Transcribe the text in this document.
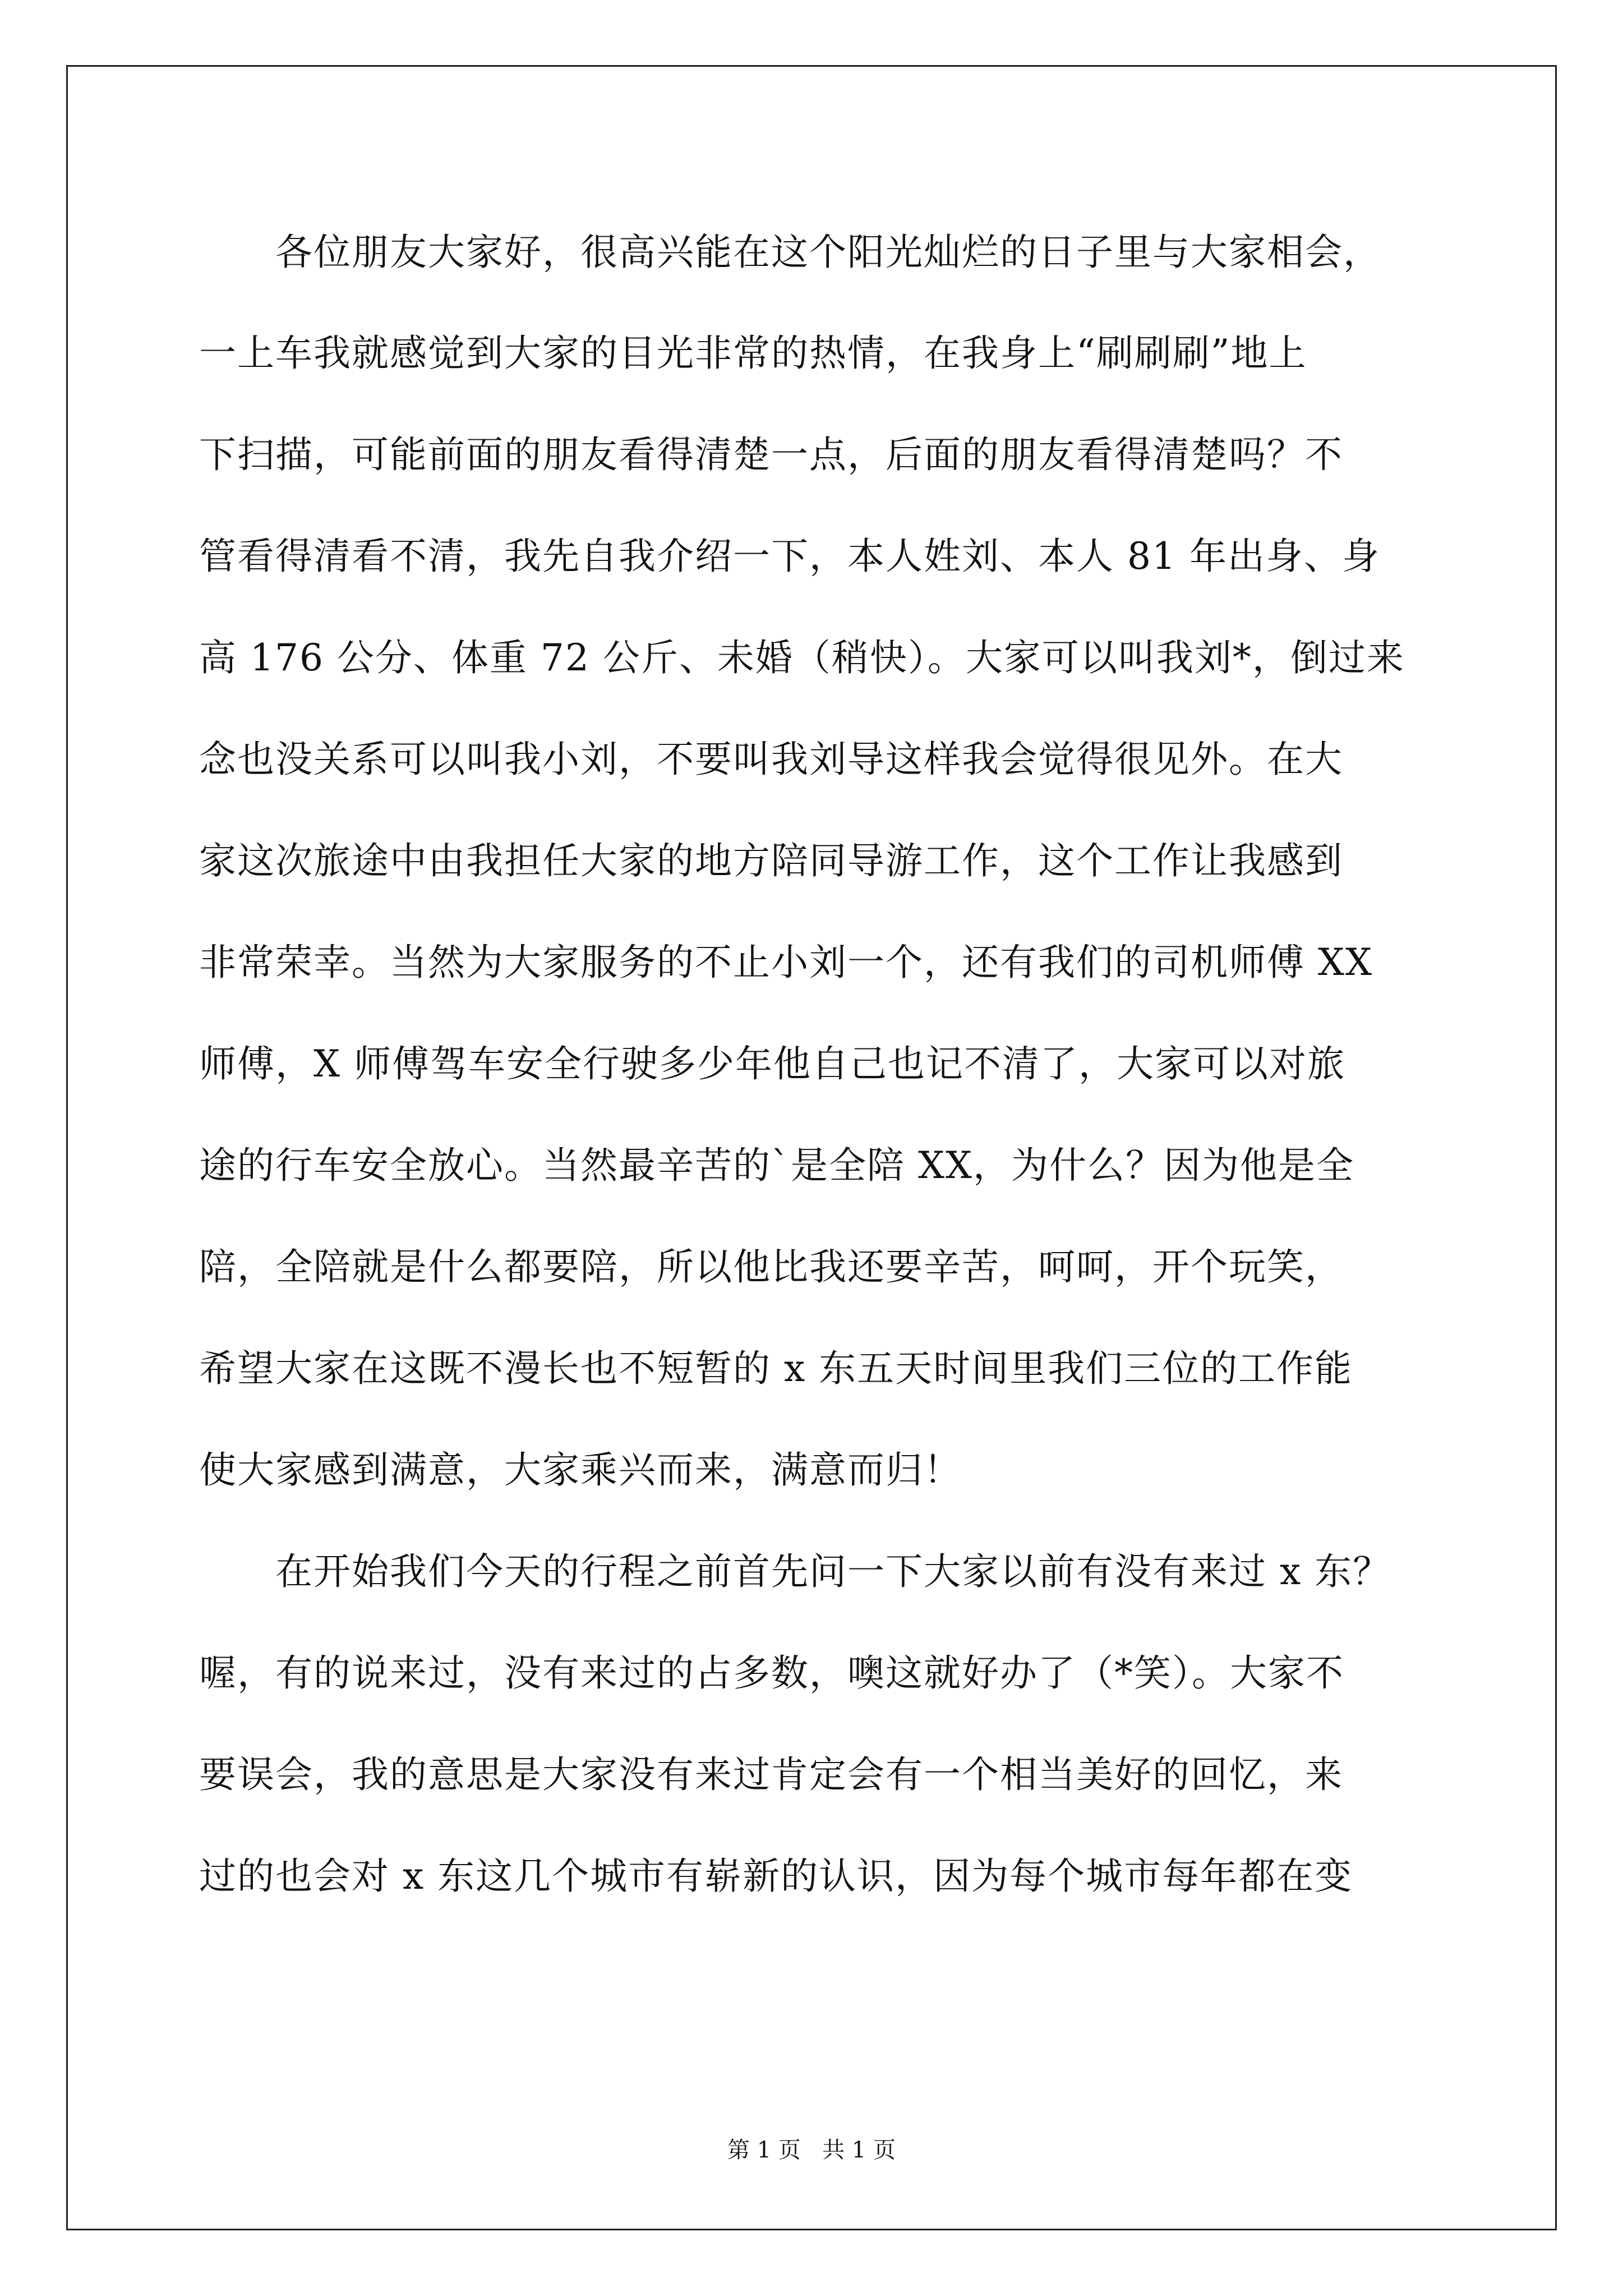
　　各位朋友大家好，很高兴能在这个阳光灿烂的日子里与大家相会，
一上车我就感觉到大家的目光非常的热情，在我身上“刷刷刷”地上
下扫描，可能前面的朋友看得清楚一点，后面的朋友看得清楚吗？不
管看得清看不清，我先自我介绍一下，本人姓刘、本人 81 年出身、身
高 176 公分、体重 72 公斤、未婚（稍快）。大家可以叫我刘*，倒过来
念也没关系可以叫我小刘，不要叫我刘导这样我会觉得很见外。在大
家这次旅途中由我担任大家的地方陪同导游工作，这个工作让我感到
非常荣幸。当然为大家服务的不止小刘一个，还有我们的司机师傅 XX
师傅，X 师傅驾车安全行驶多少年他自己也记不清了，大家可以对旅
途的行车安全放心。当然最辛苦的`是全陪 XX，为什么？因为他是全
陪，全陪就是什么都要陪，所以他比我还要辛苦，呵呵，开个玩笑，
希望大家在这既不漫长也不短暂的 x 东五天时间里我们三位的工作能
使大家感到满意，大家乘兴而来，满意而归！
　　在开始我们今天的行程之前首先问一下大家以前有没有来过 x 东？
喔，有的说来过，没有来过的占多数，噢这就好办了（*笑）。大家不
要误会，我的意思是大家没有来过肯定会有一个相当美好的回忆，来
过的也会对 x 东这几个城市有崭新的认识，因为每个城市每年都在变
第 1 页   共 1 页
